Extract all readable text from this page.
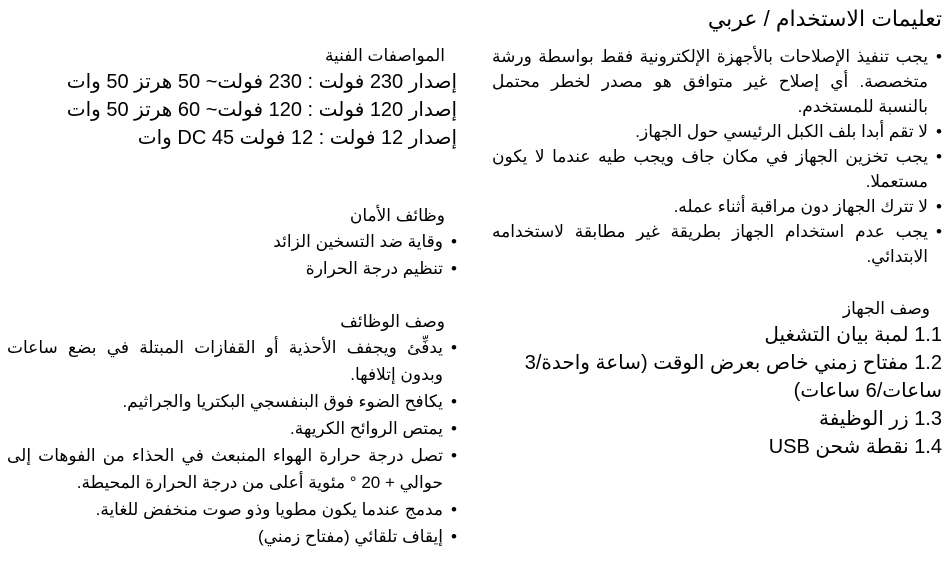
تعليمات الاستخدام / عربي
• يجب تنفيذ الإصلاحات بالأجهزة الإلكترونية فقط بواسطة ورشة متخصصة. أي إصلاح غير متوافق هو مصدر لخطر محتمل بالنسبة للمستخدم.
• لا تقم أبدا بلف الكبل الرئيسي حول الجهاز.
• يجب تخزين الجهاز في مكان جاف ويجب طيه عندما لا يكون مستعملا.
• لا تترك الجهاز دون مراقبة أثناء عمله.
• يجب عدم استخدام الجهاز بطريقة غير مطابقة لاستخدامه الابتدائي.
وصف الجهاز
1.1 لمبة بيان التشغيل
1.2 مفتاح زمني خاص بعرض الوقت (ساعة واحدة/3 ساعات/6 ساعات)
1.3 زر الوظيفة
1.4 نقطة شحن USB
المواصفات الفنية
إصدار 230 فولت : 230 فولت~ 50 هرتز 50 وات
إصدار 120 فولت : 120 فولت~ 60 هرتز 50 وات
إصدار 12 فولت : 12 فولت DC 45 وات
وظائف الأمان
• وقاية ضد التسخين الزائد
• تنظيم درجة الحرارة
وصف الوظائف
• يدفِّئ ويجفف الأحذية أو القفازات المبتلة في بضع ساعات وبدون إتلافها.
• يكافح الضوء فوق البنفسجي البكتريا والجراثيم.
• يمتص الروائح الكريهة.
• تصل درجة حرارة الهواء المنبعث في الحذاء من الفوهات إلى حوالي + 20 ° مئوية أعلى من درجة الحرارة المحيطة.
• مدمج عندما يكون مطويا وذو صوت منخفض للغاية.
• إيقاف تلقائي (مفتاح زمني)
